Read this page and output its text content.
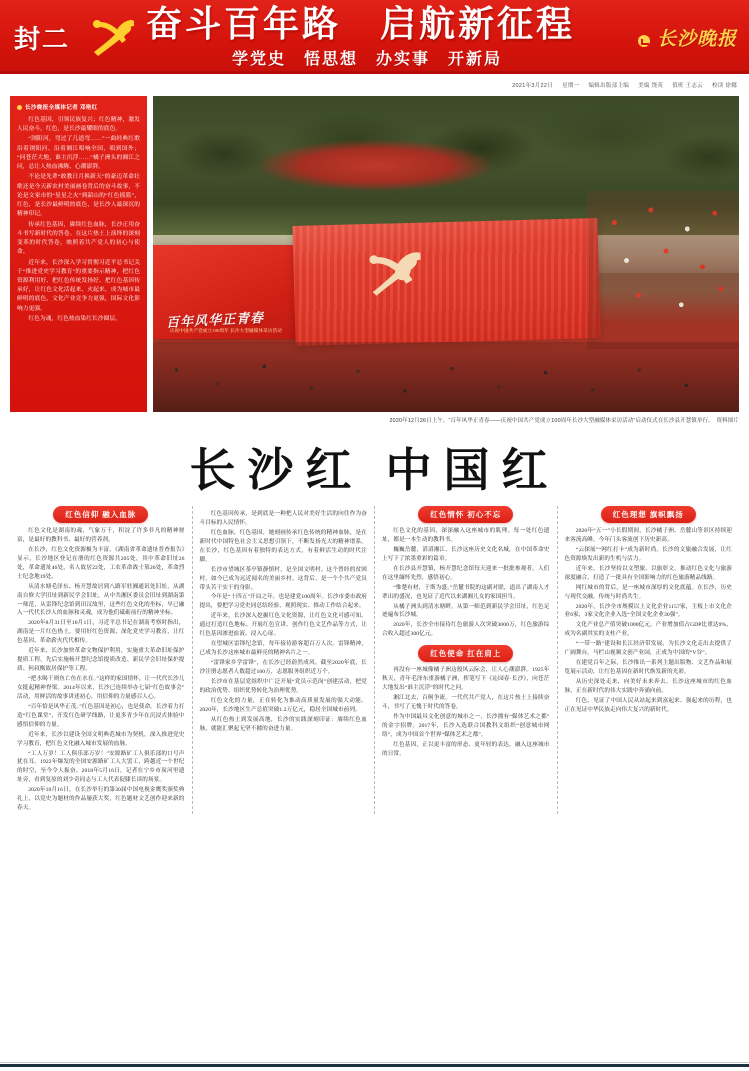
封二	奋斗百年路　启航新征程
学党史　悟思想　办实事　开新局
长沙晚报
2021年3月22日 星期一 编辑出版部主编 美编 饶英 值班 王志云 校读 徐娜
长沙晚报全媒体记者 邓艳红

红色基因，引领民族复兴；红色精神，激发人民奋斗。红色，是长沙最耀眼的底色。

“浏阳河，弯过了几道弯……”一曲经典红歌沿着浏阳河、沿着湘江唱响全国，唱到国外；“问苍茫大地，谁主沉浮……”橘子洲头的湘江之问，总让人热血沸腾、心潮澎湃。

不论是先辈“敢教日月换新天”的豪迈革命壮歌还是今天新农村美丽画卷背后的奋斗故事，不论是文家市的“星星之火”到韶山的“红色摇篮”，红色，是长沙最鲜明的底色，是长沙人最深沉的精神印记。

传承红色基因，赓续红色血脉，长沙正用奋斗书写新时代的答卷。在这片热土上演绎的深刻变革的时代答卷，映照着共产党人的初心与使命。

近年来，长沙深入学习贯彻习近平总书记关于“推进党史学习教育”的重要指示精神，把红色资源利用好、把红色传统发扬好、把红色基因传承好，让红色文化活起来、火起来，成为城市最鲜明的底色，文化产业竞争力更强，国际文化影响力更强。

红色为魂，红色热血染红长沙圈层。	百年风华正青春
庆祝中国共产党成立100周年 长沙大型融媒体采访活动
2020年12月26日上午，“百年风华正青春——庆祝中国共产党成立100周年长沙大型融媒体采访活动”启动仪式在长沙县开慧镇举行。　资料图片
长沙红 中国红
红色信仰 融入血脉

红色文化是湖南的魂，气象万千，积淀了许多非凡的精神财富，是最好的教科书，最好的营养剂。

在长沙，红色文化资源极为丰富。《湖南省革命遗址普查报告》显示，长沙地区登记在册的红色资源共205处，其中革命旧址26处，革命遗址46处，名人故居22处，工农革命战士墓26处，革命烈士纪念地19处。

从清水塘毛泽东、杨开慧故居到八路军驻湘通讯处旧址，从湖南自修大学旧址到新民学会旧址，从中共湘区委员会旧址到湖南第一师范，从雷锋纪念馆到田汉故里，这些红色文化的坐标，早已融入一代代长沙人的血脉和灵魂，成为他们砥砺前行的精神坐标。

2020年8月31日至10月1日，习近平总书记在湖南考察时指出，湖南是一片红色热土，要用好红色资源，深化党史学习教育，让红色基因、革命薪火代代相传。

近年来，长沙加快革命文物保护利用，实施重大革命旧址保护提质工程，先后实施杨开慧纪念馆提质改造、新民学会旧址保护提质、何叔衡故居保护等工程。

“把水喝干则鱼亡鱼在水在。”这样的家国情怀，让一代代长沙儿女挺起精神脊梁。2014年以来，长沙已连续举办七届“红色故事会”活动，用鲜活的故事讲述初心，用信仰的力量感召人心。

“百年恰是风华正茂。”红色基因是初心，也是使命。长沙着力打造“红色课堂”，开发红色研学线路，让更多青少年在沉浸式体验中感悟信仰的力量。

近年来，长沙以建设全国文明典范城市为契机，深入推进党史学习教育，把红色文化融入城市发展的血脉。

“工人万岁！工人俱乐部万岁！”安源路矿工人俱乐部的口号声犹在耳。1922年爆发的全国安源路矿工人大罢工，跨越近一个世纪的时空，至今令人振奋。2018年5月16日，记者在宁乡市炭河里遗址旁，看到复原的刘少奇同志与工人代表促膝长谈的场景。

2020年10月16日，在长沙举行的第30届中国电视金鹰奖颁奖典礼上，以党史为题材的作品屡获大奖，红色题材文艺创作迎来新的春天。

红色基因传承，是到底是一种把人民对美好生活的向往作为奋斗目标的人民情怀。

红色血脉，红色基因，她刻画传承红色传统的精神血脉，是在新时代中国特色社会主义思想引领下，不断发扬光大的精神谱系。在长沙，红色基因有着独特的表达方式，有着鲜活生动的时代注脚。

长沙市望城区茶亭镇静慎村，是全国文明村。这个曾经的贫困村，如今已成为远近闻名的美丽乡村。这背后，是一个个共产党员带头苦干实干的身影。

今年是“十四五”开局之年，也是建党100周年。长沙市委市政府提出，要把学习党史同总结经验、观照现实、推动工作结合起来。

近年来，长沙深入挖掘红色文化资源，让红色文化可感可知。通过打造红色地标、开展红色宣讲、创作红色文艺作品等方式，让红色基因渗进血液、浸入心扉。

在望城区雷锋纪念馆，每年接待游客超百万人次。雷锋精神，已成为长沙这座城市最鲜亮的精神名片之一。

“雷锋家乡学雷锋”，在长沙已经蔚然成风。截至2020年底，长沙注册志愿者人数超过160万，志愿服务组织近万个。

长沙市在基层党组织中广泛开展“党员示范岗”创建活动，把党的政治优势、组织优势转化为治理优势。

红色文化的力量，正在转化为推动高质量发展的强大动能。2020年，长沙地区生产总值突破1.2万亿元，稳居全国城市前列。

从红色热土到发展高地，长沙的实践深刻印证：赓续红色血脉，就能汇聚起无坚不摧的奋进力量。

红色情怀 初心不忘

红色文化的基因，深深融入这座城市的肌理。每一处红色遗址，都是一本生动的教科书。

巍巍岳麓，滔滔湘江。长沙这座历史文化名城，在中国革命史上写下了浓墨重彩的篇章。

在长沙县开慧镇，杨开慧纪念馆每天迎来一批批参观者。人们在这里缅怀先烈，感悟初心。

“惟楚有材，于斯为盛。”岳麓书院的这副对联，道出了湖南人才辈出的盛况，也见证了近代以来湖湘儿女的家国担当。

从橘子洲头到清水塘畔，从第一师范到新民学会旧址，红色足迹遍布长沙城。

2020年，长沙全市接待红色旅游人次突破3000万，红色旅游综合收入超过300亿元。

红色使命 扛在肩上

再没有一座城像橘子洲这般风云际会，让人心潮澎湃。1925年秋天，青年毛泽东重游橘子洲，挥笔写下《沁园春·长沙》，向苍茫大地发出“谁主沉浮”的时代之问。

湘江北去，百舸争流。一代代共产党人，在这片热土上接续奋斗，书写了无愧于时代的答卷。

作为中国最具文化创意的城市之一，长沙拥有“媒体艺术之都”的金字招牌。2017年，长沙入选联合国教科文组织“创意城市网络”，成为中国首个世界“媒体艺术之都”。

红色基因，正以更丰富的形态、更年轻的表达，融入这座城市的日常。

红色理想 旗帜飘扬

2020年“五一”小长假期间，长沙橘子洲、岳麓山等景区持续迎来客流高峰，今年门头客流创下历史新高。

“云探展”“网红打卡”成为新时尚。长沙的文旅融合发展，让红色资源焕发出新的生机与活力。

近年来，长沙坚持以文塑旅、以旅彰文，推动红色文化与旅游深度融合，打造了一批具有全国影响力的红色旅游精品线路。

网红城市的背后，是一座城市深厚的文化底蕴。在长沙，历史与现代交融，传统与时尚共生。

2020年，长沙全市规模以上文化企业1157家，主板上市文化企业6家，3家文化企业入选“全国文化企业30强”。

文化产业总产值突破1000亿元，产业增加值占GDP比重达9%，成为名副其实的支柱产业。

“一带一路”建设和长江经济带发展，为长沙文化走出去提供了广阔舞台。马栏山视频文创产业园，正成为中国的“V谷”。

在建党百年之际，长沙推出一系列主题出版物、文艺作品和展览展示活动，让红色基因在新时代焕发新的光彩。

从历史深处走来，向美好未来奔去。长沙这座城市的红色血脉，正在新时代的伟大实践中奔涌向前。

红色，见证了中国人民从站起来到富起来、强起来的历程，也正在见证中华民族走向伟大复兴的新时代。
